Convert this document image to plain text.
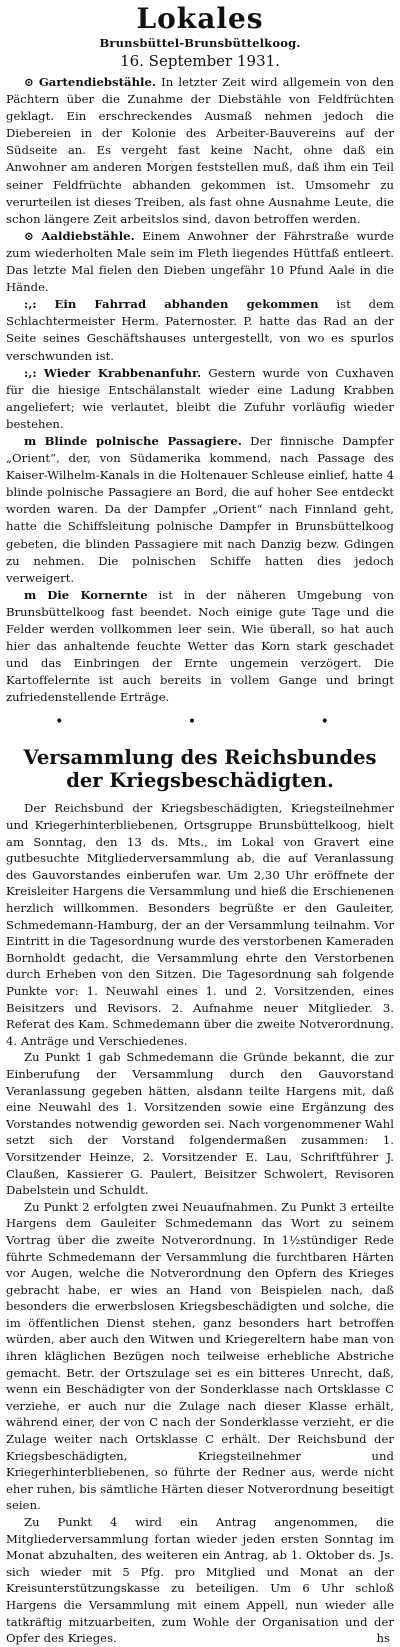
Lokales
Brunsbüttel-Brunsbüttelkoog.
16. September 1931.

⊙ Gartendiebstähle. In letzter Zeit wird allgemein von den Pächtern über die Zunahme der Diebstähle von Feldfrüchten geklagt. Ein erschreckendes Ausmaß nehmen jedoch die Diebereien in der Kolonie des Arbeiter-Bauvereins auf der Südseite an. Es vergeht fast keine Nacht, ohne daß ein Anwohner am anderen Morgen feststellen muß, daß ihm ein Teil seiner Feldfrüchte abhanden gekommen ist. Umsomehr zu verurteilen ist dieses Treiben, als fast ohne Ausnahme Leute, die schon längere Zeit arbeitslos sind, davon betroffen werden.

⊙ Aaldiebstähle. Einem Anwohner der Fährstraße wurde zum wiederholten Male sein im Fleth liegendes Hüttfaß entleert. Das letzte Mal fielen den Dieben ungefähr 10 Pfund Aale in die Hände.

:,: Ein Fahrrad abhanden gekommen ist dem Schlachtermeister Herm. Paternoster. P. hatte das Rad an der Seite seines Geschäftshauses untergestellt, von wo es spurlos verschwunden ist.

:,: Wieder Krabbenanfuhr. Gestern wurde von Cuxhaven für die hiesige Entschälanstalt wieder eine Ladung Krabben angeliefert; wie verlautet, bleibt die Zufuhr vorläufig wieder bestehen.

m Blinde polnische Passagiere. Der finnische Dampfer „Orient“, der, von Südamerika kommend, nach Passage des Kaiser-Wilhelm-Kanals in die Holtenauer Schleuse einlief, hatte 4 blinde polnische Passagiere an Bord, die auf hoher See entdeckt worden waren. Da der Dampfer „Orient“ nach Finnland geht, hatte die Schiffsleitung polnische Dampfer in Brunsbüttelkoog gebeten, die blinden Passagiere mit nach Danzig bezw. Gdingen zu nehmen. Die polnischen Schiffe hatten dies jedoch verweigert.

m Die Kornernte ist in der näheren Umgebung von Brunsbüttelkoog fast beendet. Noch einige gute Tage und die Felder werden vollkommen leer sein. Wie überall, so hat auch hier das anhaltende feuchte Wetter das Korn stark geschadet und das Einbringen der Ernte ungemein verzögert. Die Kartoffelernte ist auch bereits in vollem Gange und bringt zufriedenstellende Erträge.

• • •
Versammlung des Reichsbundes
der Kriegsbeschädigten.

Der Reichsbund der Kriegsbeschädigten, Kriegsteilnehmer und Kriegerhinterbliebenen, Ortsgruppe Brunsbüttelkoog, hielt am Sonntag, den 13 ds. Mts., im Lokal von Gravert eine gutbesuchte Mitgliederversammlung ab, die auf Veranlassung des Gauvorstandes einberufen war. Um 2,30 Uhr eröffnete der Kreisleiter Hargens die Versammlung und hieß die Erschienenen herzlich willkommen. Besonders begrüßte er den Gauleiter, Schmedemann-Hamburg, der an der Versammlung teilnahm. Vor Eintritt in die Tagesordnung wurde des verstorbenen Kameraden Bornholdt gedacht, die Versammlung ehrte den Verstorbenen durch Erheben von den Sitzen. Die Tagesordnung sah folgende Punkte vor: 1. Neuwahl eines 1. und 2. Vorsitzenden, eines Beisitzers und Revisors. 2. Aufnahme neuer Mitglieder. 3. Referat des Kam. Schmedemann über die zweite Notverordnung. 4. Anträge und Verschiedenes.

Zu Punkt 1 gab Schmedemann die Gründe bekannt, die zur Einberufung der Versammlung durch den Gauvorstand Veranlassung gegeben hätten, alsdann teilte Hargens mit, daß eine Neuwahl des 1. Vorsitzenden sowie eine Ergänzung des Vorstandes notwendig geworden sei. Nach vorgenommener Wahl setzt sich der Vorstand folgendermaßen zusammen: 1. Vorsitzender Heinze, 2. Vorsitzender E. Lau, Schriftführer J. Claußen, Kassierer G. Paulert, Beisitzer Schwolert, Revisoren Dabelstein und Schuldt.

Zu Punkt 2 erfolgten zwei Neuaufnahmen. Zu Punkt 3 erteilte Hargens dem Gauleiter Schmedemann das Wort zu seinem Vortrag über die zweite Notverordnung. In 1½stündiger Rede führte Schmedemann der Versammlung die furchtbaren Härten vor Augen, welche die Notverordnung den Opfern des Krieges gebracht habe, er wies an Hand von Beispielen nach, daß besonders die erwerbslosen Kriegsbeschädigten und solche, die im öffentlichen Dienst stehen, ganz besonders hart betroffen würden, aber auch den Witwen und Kriegereltern habe man von ihren kläglichen Bezügen noch teilweise erhebliche Abstriche gemacht. Betr. der Ortszulage sei es ein bitteres Unrecht, daß, wenn ein Beschädigter von der Sonderklasse nach Ortsklasse C verziehe, er auch nur die Zulage nach dieser Klasse erhält, während einer, der von C nach der Sonderklasse verzieht, er die Zulage weiter nach Ortsklasse C erhält. Der Reichsbund der Kriegsbeschädigten, Kriegsteilnehmer und Kriegerhinterbliebenen, so führte der Redner aus, werde nicht eher ruhen, bis sämtliche Härten dieser Notverordnung beseitigt seien.

Zu Punkt 4 wird ein Antrag angenommen, die Mitgliederversammlung fortan wieder jeden ersten Sonntag im Monat abzuhalten, des weiteren ein Antrag, ab 1. Oktober ds. Js. sich wieder mit 5 Pfg. pro Mitglied und Monat an der Kreisunterstützungskasse zu beteiligen. Um 6 Uhr schloß Hargens die Versammlung mit einem Appell, nun wieder alle tatkräftig mitzuarbeiten, zum Wohle der Organisation und der Opfer des Krieges.	hs
